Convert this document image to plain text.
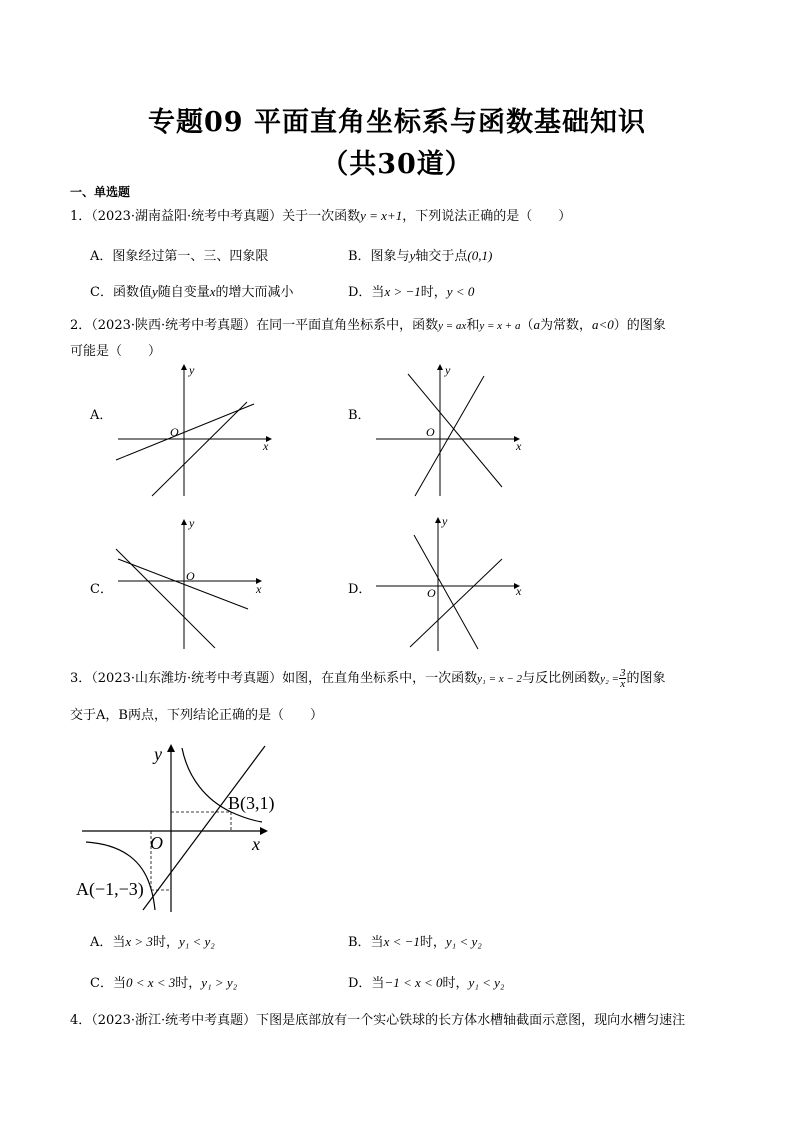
专题09 平面直角坐标系与函数基础知识
（共30道）
一、单选题
1．（2023·湖南益阳·统考中考真题）关于一次函数y = x+1，下列说法正确的是（　　）
A．图象经过第一、三、四象限	B．图象与y轴交于点(0,1)
C．函数值y随自变量x的增大而减小	D．当x > −1时，y < 0
2．（2023·陕西·统考中考真题）在同一平面直角坐标系中，函数y = ax和y = x + a（a为常数，a<0）的图象
可能是（　　）
A．	B．
C．	D．
x
y
O
x
y
O
x
y
O
x
y
O
3．（2023·山东潍坊·统考中考真题）如图，在直角坐标系中，一次函数y₁ = x − 2与反比例函数$y_2 = \frac{3}{x}$ 的图象
交于A，B两点，下列结论正确的是（　　）
y
x
O
B(3,1)
A(−1,−3)
A．当x > 3时，y₁ < y₂	B．当x < −1时，y₁ < y₂
C．当0 < x < 3时，y₁ > y₂	D．当−1 < x < 0时，y₁ < y₂
4．（2023·浙江·统考中考真题）下图是底部放有一个实心铁球的长方体水槽轴截面示意图，现向水槽匀速注
